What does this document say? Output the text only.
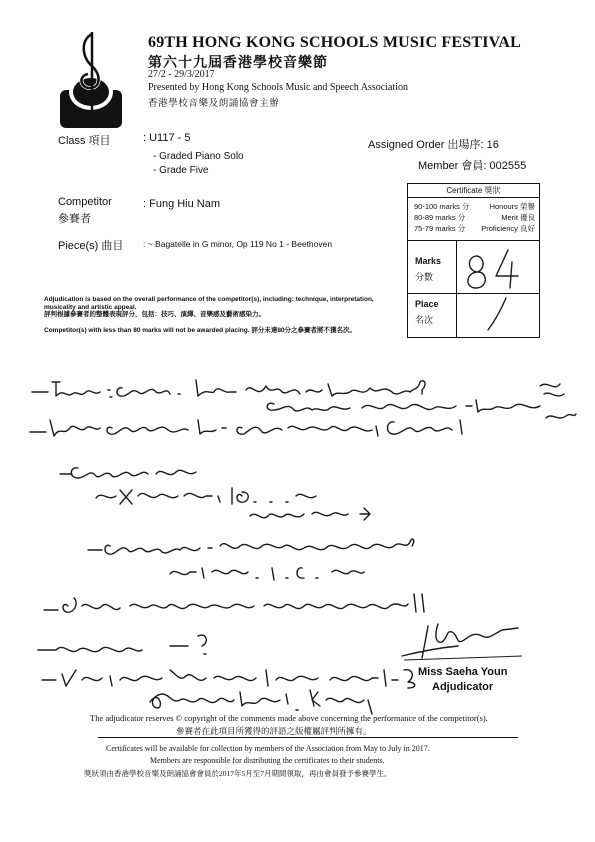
69TH HONG KONG SCHOOLS MUSIC FESTIVAL
第六十九屆香港學校音樂節
27/2 - 29/3/2017
Presented by Hong Kong Schools Music and Speech Association
香港學校音樂及朗誦協會主辦
Class 項目	: U117 - 5
- Graded Piano Solo
- Grade Five
Assigned Order 出場序: 16
Member 會員: 002555
Competitor
參賽者
: Fung Hiu Nam
Piece(s) 曲目 : ~ Bagatelle in G minor, Op 119 No 1 - Beethoven
Certificate 獎狀
90-100 marks 分	Honours 榮譽
80-89 marks 分	Merit 優良
75-79 marks 分 Proficiency 良好
Marks
分數
Place
名次
Adjudication is based on the overall performance of the competitor(s), including: technique, interpretation, musicality and artistic appeal.
評判根據參賽者的整體表現評分，包括：技巧、演繹、音樂感及藝術感染力。
Competitor(s) with less than 80 marks will not be awarded placing. 評分未達80分之參賽者將不獲名次。
Miss Saeha Youn
Adjudicator
The adjudicator reserves © copyright of the comments made above concerning the performance of the competitor(s).
參賽者在此項目所獲得的評語之版權屬評判所擁有。
Certificates will be available for collection by members of the Association from May to July in 2017.
Members are responsible for distributing the certificates to their students.
獎狀須由香港學校音樂及朗誦協會會員於2017年5月至7月期間領取，再由會員發予參賽學生。
